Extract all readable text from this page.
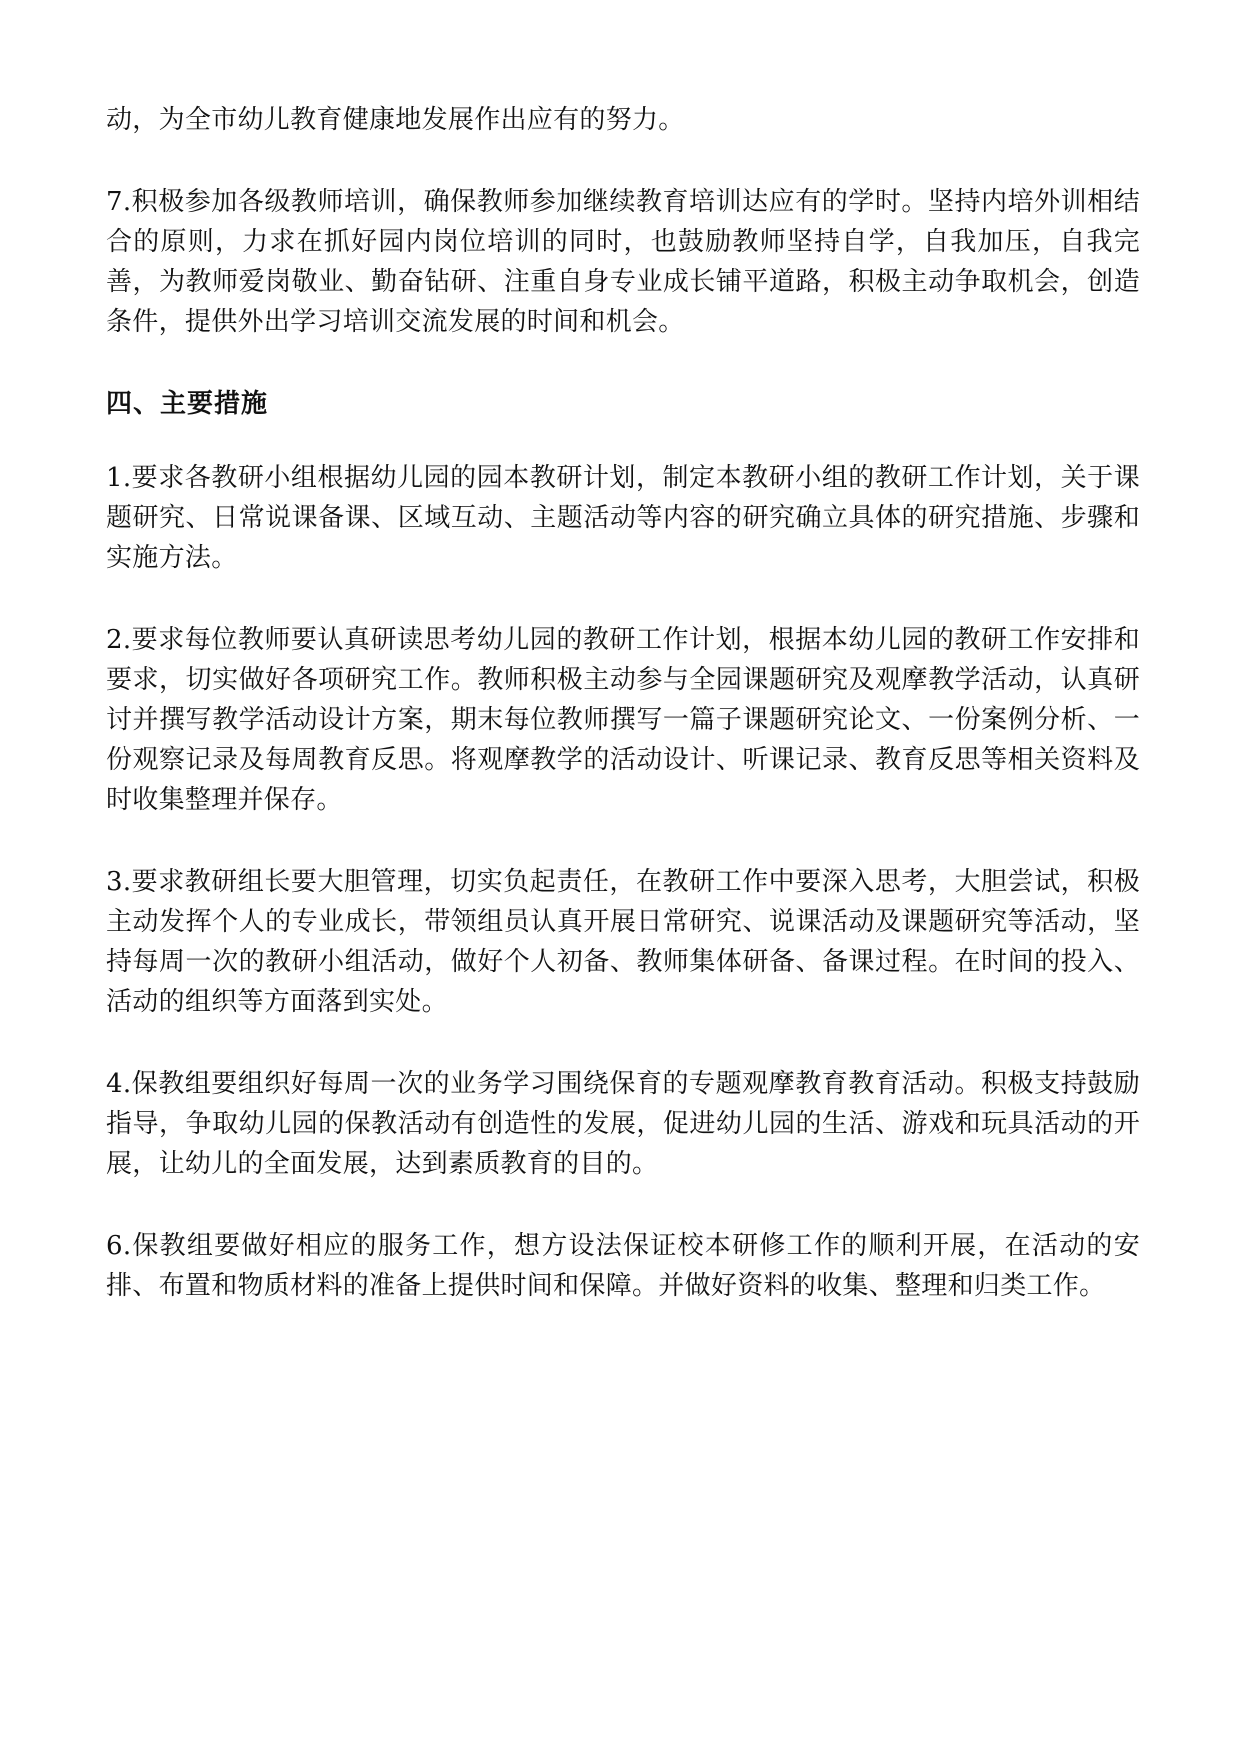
动，为全市幼儿教育健康地发展作出应有的努力。

7.积极参加各级教师培训，确保教师参加继续教育培训达应有的学时。坚持内培外训相结合的原则，力求在抓好园内岗位培训的同时，也鼓励教师坚持自学，自我加压，自我完善，为教师爱岗敬业、勤奋钻研、注重自身专业成长铺平道路，积极主动争取机会，创造条件，提供外出学习培训交流发展的时间和机会。

四、主要措施

1.要求各教研小组根据幼儿园的园本教研计划，制定本教研小组的教研工作计划，关于课题研究、日常说课备课、区域互动、主题活动等内容的研究确立具体的研究措施、步骤和实施方法。

2.要求每位教师要认真研读思考幼儿园的教研工作计划，根据本幼儿园的教研工作安排和要求，切实做好各项研究工作。教师积极主动参与全园课题研究及观摩教学活动，认真研讨并撰写教学活动设计方案，期末每位教师撰写一篇子课题研究论文、一份案例分析、一份观察记录及每周教育反思。将观摩教学的活动设计、听课记录、教育反思等相关资料及时收集整理并保存。

3.要求教研组长要大胆管理，切实负起责任，在教研工作中要深入思考，大胆尝试，积极主动发挥个人的专业成长，带领组员认真开展日常研究、说课活动及课题研究等活动，坚持每周一次的教研小组活动，做好个人初备、教师集体研备、备课过程。在时间的投入、活动的组织等方面落到实处。

4.保教组要组织好每周一次的业务学习围绕保育的专题观摩教育教育活动。积极支持鼓励指导，争取幼儿园的保教活动有创造性的发展，促进幼儿园的生活、游戏和玩具活动的开展，让幼儿的全面发展，达到素质教育的目的。

6.保教组要做好相应的服务工作，想方设法保证校本研修工作的顺利开展，在活动的安排、布置和物质材料的准备上提供时间和保障。并做好资料的收集、整理和归类工作。
